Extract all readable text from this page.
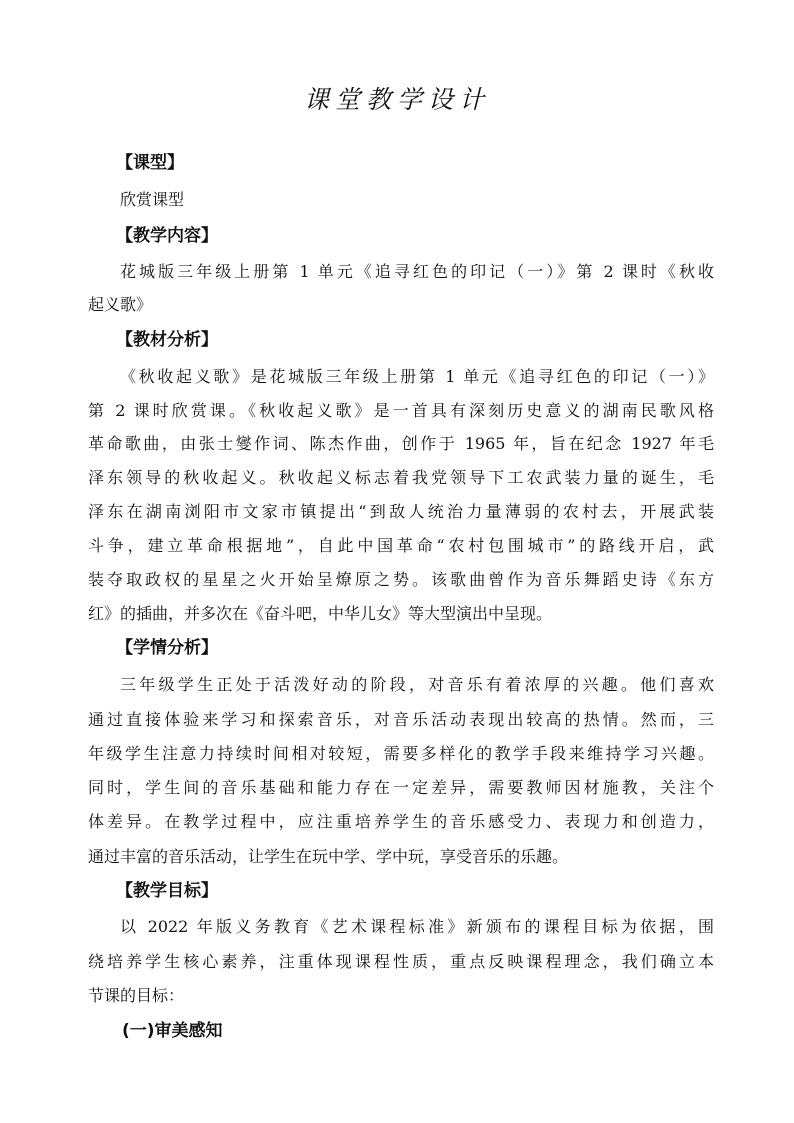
课堂教学设计
【课型】
欣赏课型
【教学内容】
花城版三年级上册第 1 单元《追寻红色的印记（一）》第 2 课时《秋收
起义歌》
【教材分析】
《秋收起义歌》是花城版三年级上册第 1 单元《追寻红色的印记（一）》
第 2 课时欣赏课。《秋收起义歌》是一首具有深刻历史意义的湖南民歌风格
革命歌曲，由张士燮作词、陈杰作曲，创作于 1965 年，旨在纪念 1927 年毛
泽东领导的秋收起义。秋收起义标志着我党领导下工农武装力量的诞生，毛
泽东在湖南浏阳市文家市镇提出“到敌人统治力量薄弱的农村去，开展武装
斗争，建立革命根据地”，自此中国革命“农村包围城市”的路线开启，武
装夺取政权的星星之火开始呈燎原之势。该歌曲曾作为音乐舞蹈史诗《东方
红》的插曲，并多次在《奋斗吧，中华儿女》等大型演出中呈现。
【学情分析】
三年级学生正处于活泼好动的阶段，对音乐有着浓厚的兴趣。他们喜欢
通过直接体验来学习和探索音乐，对音乐活动表现出较高的热情。然而，三
年级学生注意力持续时间相对较短，需要多样化的教学手段来维持学习兴趣。
同时，学生间的音乐基础和能力存在一定差异，需要教师因材施教，关注个
体差异。在教学过程中，应注重培养学生的音乐感受力、表现力和创造力，
通过丰富的音乐活动，让学生在玩中学、学中玩，享受音乐的乐趣。
【教学目标】
以 2022 年版义务教育《艺术课程标准》新颁布的课程目标为依据，围
绕培养学生核心素养，注重体现课程性质，重点反映课程理念，我们确立本
节课的目标：
(一)审美感知
